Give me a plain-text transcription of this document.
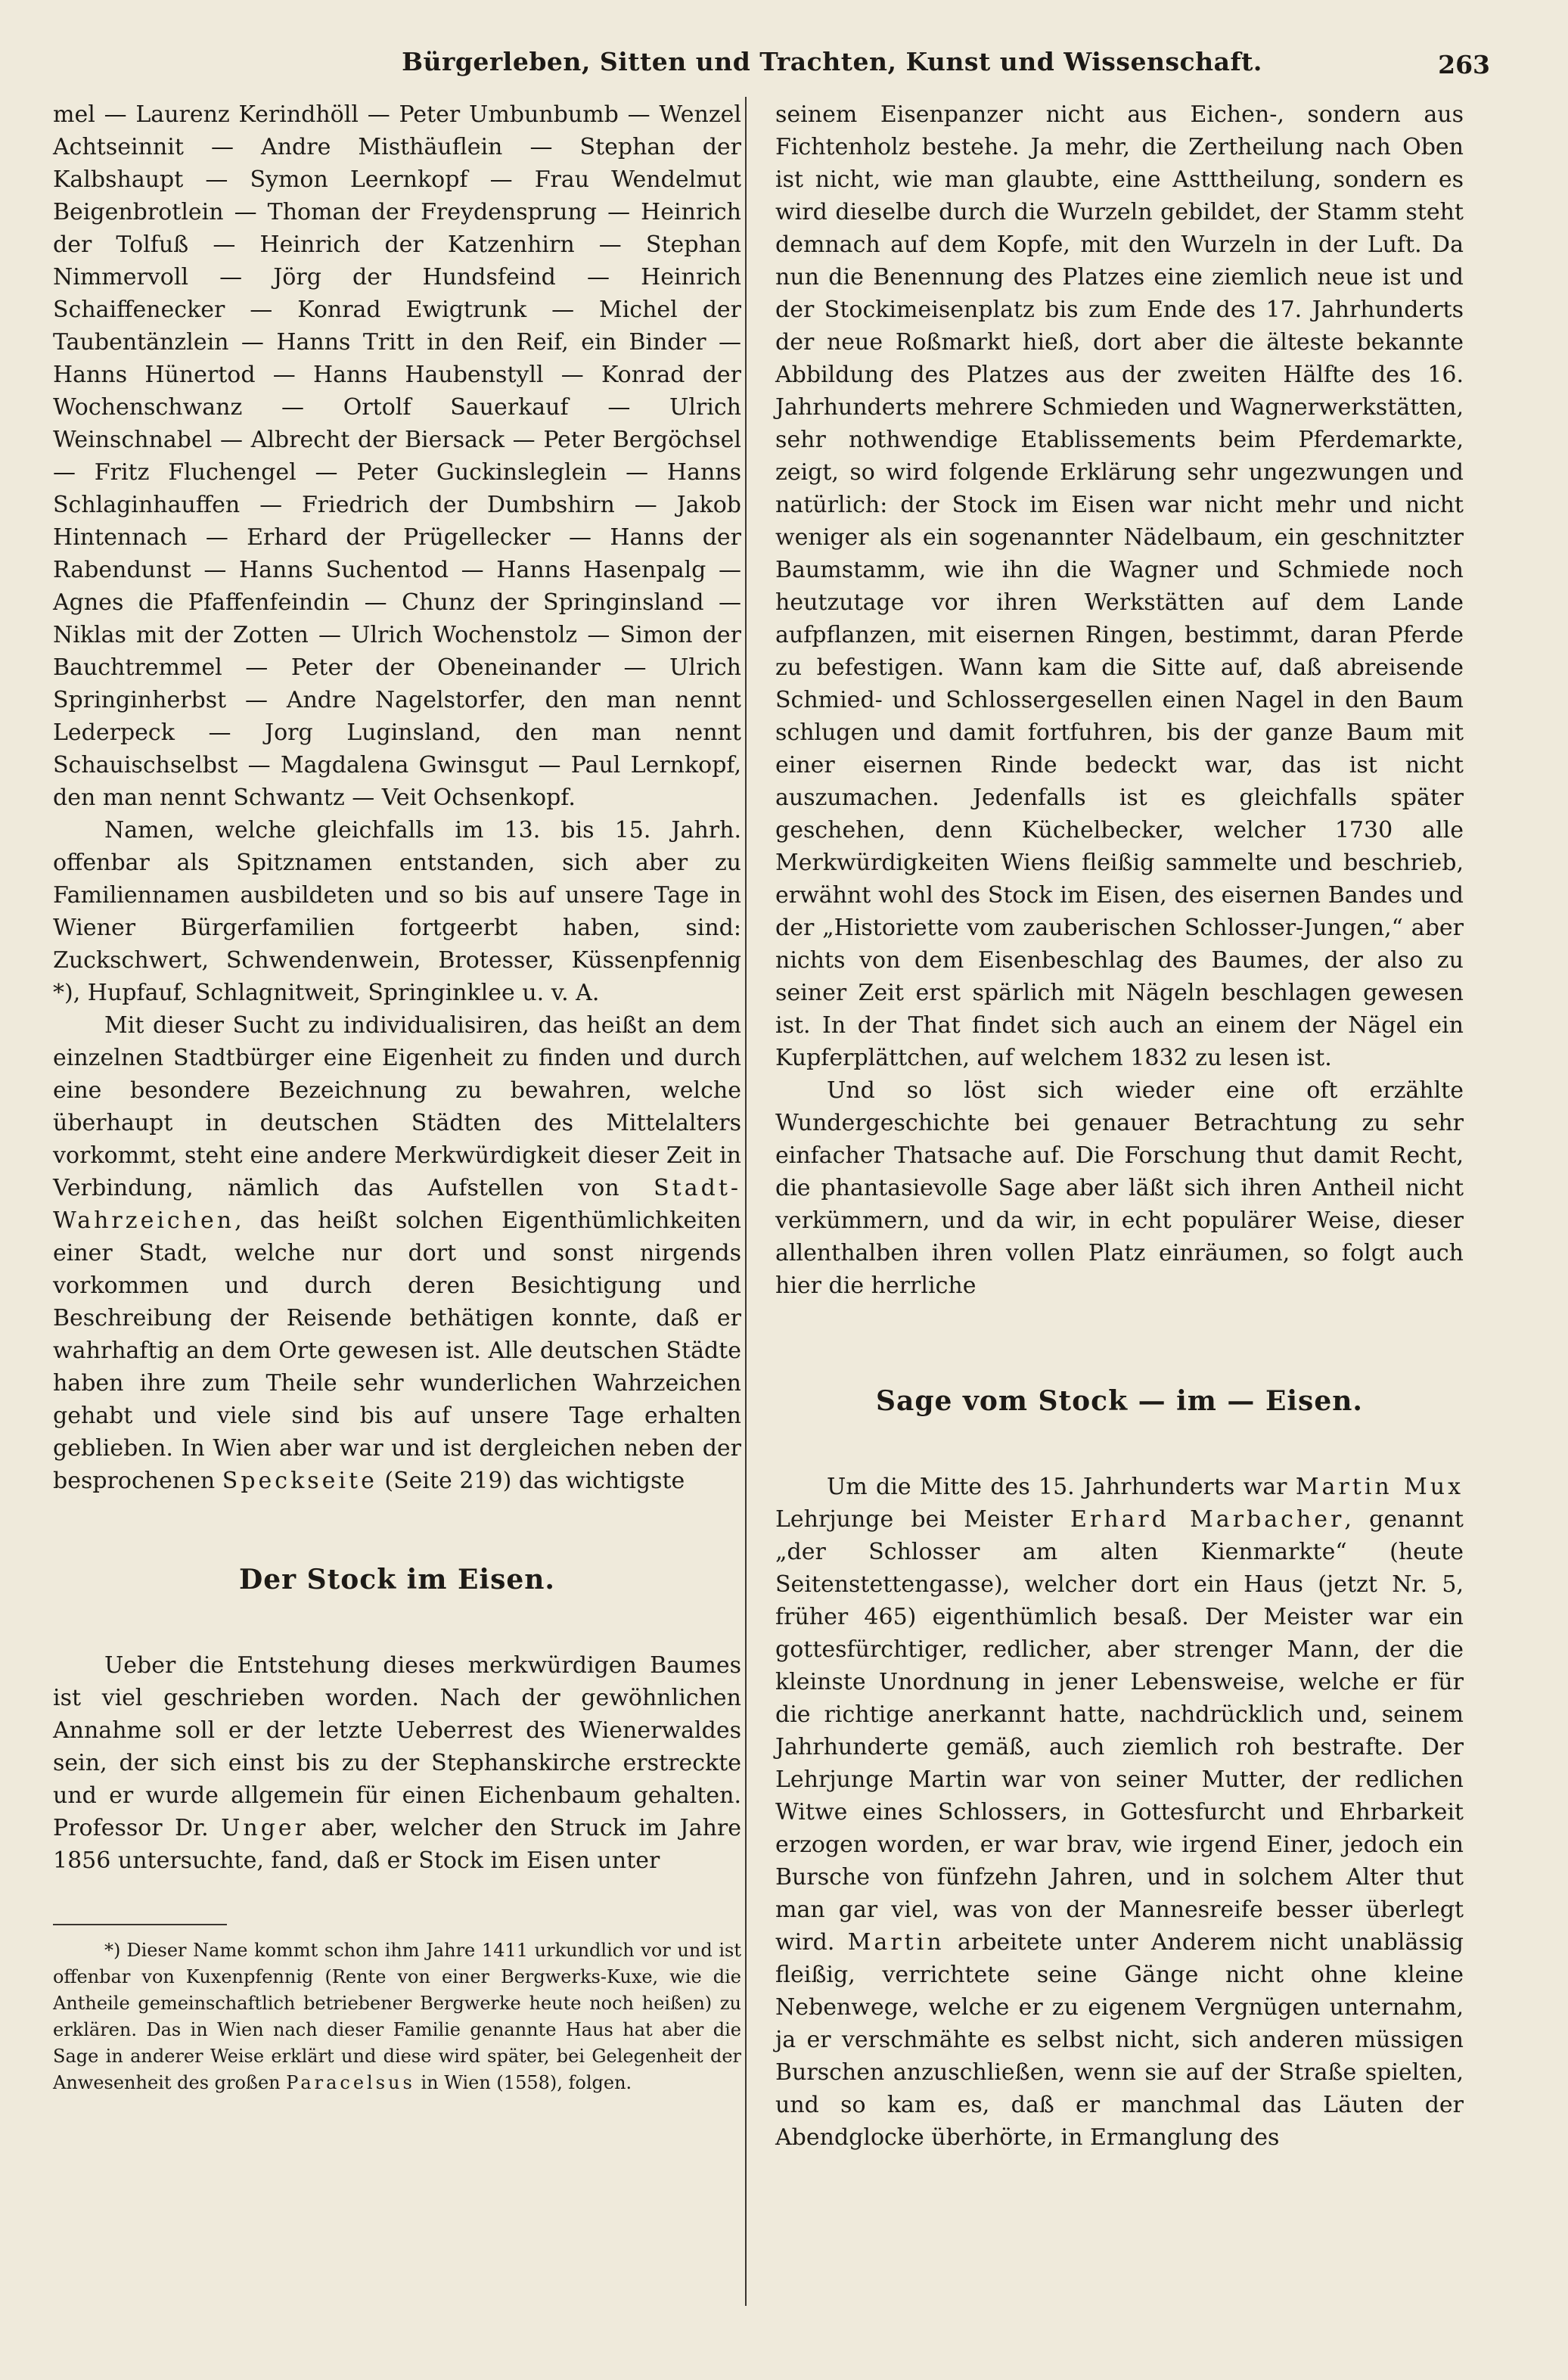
Bürgerleben, Sitten und Trachten, Kunst und Wissenschaft.	263

mel — Laurenz Kerindhöll — Peter Umbunbumb — Wenzel Achtseinnit — Andre Misthäuflein — Stephan der Kalbshaupt — Symon Leernkopf — Frau Wendelmut Beigenbrotlein — Thoman der Freydensprung — Heinrich der Tolfuß — Heinrich der Katzenhirn — Stephan Nimmervoll — Jörg der Hundsfeind — Heinrich Schaiffenecker — Konrad Ewigtrunk — Michel der Taubentänzlein — Hanns Tritt in den Reif, ein Binder — Hanns Hünertod — Hanns Haubenstyll — Konrad der Wochenschwanz — Ortolf Sauerkauf — Ulrich Weinschnabel — Albrecht der Biersack — Peter Bergöchsel — Fritz Fluchengel — Peter Guckinsleglein — Hanns Schlaginhauffen — Friedrich der Dumbshirn — Jakob Hintennach — Erhard der Prügellecker — Hanns der Rabendunst — Hanns Suchentod — Hanns Hasenpalg — Agnes die Pfaffenfeindin — Chunz der Springinsland — Niklas mit der Zotten — Ulrich Wochenstolz — Simon der Bauchtremmel — Peter der Obeneinander — Ulrich Springinherbst — Andre Nagelstorfer, den man nennt Lederpeck — Jorg Luginsland, den man nennt Schauischselbst — Magdalena Gwinsgut — Paul Lernkopf, den man nennt Schwantz — Veit Ochsenkopf.

Namen, welche gleichfalls im 13. bis 15. Jahrh. offenbar als Spitznamen entstanden, sich aber zu Familiennamen ausbildeten und so bis auf unsere Tage in Wiener Bürgerfamilien fortgeerbt haben, sind: Zuckschwert, Schwendenwein, Brotesser, Küssenpfennig *), Hupfauf, Schlagnitweit, Springinklee u. v. A.

Mit dieser Sucht zu individualisiren, das heißt an dem einzelnen Stadtbürger eine Eigenheit zu finden und durch eine besondere Bezeichnung zu bewahren, welche überhaupt in deutschen Städten des Mittelalters vorkommt, steht eine andere Merkwürdigkeit dieser Zeit in Verbindung, nämlich das Aufstellen von Stadt-Wahrzeichen, das heißt solchen Eigenthümlichkeiten einer Stadt, welche nur dort und sonst nirgends vorkommen und durch deren Besichtigung und Beschreibung der Reisende bethätigen konnte, daß er wahrhaftig an dem Orte gewesen ist. Alle deutschen Städte haben ihre zum Theile sehr wunderlichen Wahrzeichen gehabt und viele sind bis auf unsere Tage erhalten geblieben. In Wien aber war und ist dergleichen neben der besprochenen Speckseite (Seite 219) das wichtigste

Der Stock im Eisen.

Ueber die Entstehung dieses merkwürdigen Baumes ist viel geschrieben worden. Nach der gewöhnlichen Annahme soll er der letzte Ueberrest des Wienerwaldes sein, der sich einst bis zu der Stephanskirche erstreckte und er wurde allgemein für einen Eichenbaum gehalten. Professor Dr. Unger aber, welcher den Struck im Jahre 1856 untersuchte, fand, daß er Stock im Eisen unter

*) Dieser Name kommt schon ihm Jahre 1411 urkundlich vor und ist offenbar von Kuxenpfennig (Rente von einer Bergwerks-Kuxe, wie die Antheile gemeinschaftlich betriebener Bergwerke heute noch heißen) zu erklären. Das in Wien nach dieser Familie genannte Haus hat aber die Sage in anderer Weise erklärt und diese wird später, bei Gelegenheit der Anwesenheit des großen Paracelsus in Wien (1558), folgen.

seinem Eisenpanzer nicht aus Eichen-, sondern aus Fichtenholz bestehe. Ja mehr, die Zertheilung nach Oben ist nicht, wie man glaubte, eine Astttheilung, sondern es wird dieselbe durch die Wurzeln gebildet, der Stamm steht demnach auf dem Kopfe, mit den Wurzeln in der Luft. Da nun die Benennung des Platzes eine ziemlich neue ist und der Stockimeisenplatz bis zum Ende des 17. Jahrhunderts der neue Roßmarkt hieß, dort aber die älteste bekannte Abbildung des Platzes aus der zweiten Hälfte des 16. Jahrhunderts mehrere Schmieden und Wagnerwerkstätten, sehr nothwendige Etablissements beim Pferdemarkte, zeigt, so wird folgende Erklärung sehr ungezwungen und natürlich: der Stock im Eisen war nicht mehr und nicht weniger als ein sogenannter Nädelbaum, ein geschnitzter Baumstamm, wie ihn die Wagner und Schmiede noch heutzutage vor ihren Werkstätten auf dem Lande aufpflanzen, mit eisernen Ringen, bestimmt, daran Pferde zu befestigen. Wann kam die Sitte auf, daß abreisende Schmied- und Schlossergesellen einen Nagel in den Baum schlugen und damit fortfuhren, bis der ganze Baum mit einer eisernen Rinde bedeckt war, das ist nicht auszumachen. Jedenfalls ist es gleichfalls später geschehen, denn Küchelbecker, welcher 1730 alle Merkwürdigkeiten Wiens fleißig sammelte und beschrieb, erwähnt wohl des Stock im Eisen, des eisernen Bandes und der „Historiette vom zauberischen Schlosser-Jungen,“ aber nichts von dem Eisenbeschlag des Baumes, der also zu seiner Zeit erst spärlich mit Nägeln beschlagen gewesen ist. In der That findet sich auch an einem der Nägel ein Kupferplättchen, auf welchem 1832 zu lesen ist.

Und so löst sich wieder eine oft erzählte Wundergeschichte bei genauer Betrachtung zu sehr einfacher Thatsache auf. Die Forschung thut damit Recht, die phantasievolle Sage aber läßt sich ihren Antheil nicht verkümmern, und da wir, in echt populärer Weise, dieser allenthalben ihren vollen Platz einräumen, so folgt auch hier die herrliche

Sage vom Stock — im — Eisen.

Um die Mitte des 15. Jahrhunderts war Martin Mux Lehrjunge bei Meister Erhard Marbacher, genannt „der Schlosser am alten Kienmarkte“ (heute Seitenstettengasse), welcher dort ein Haus (jetzt Nr. 5, früher 465) eigenthümlich besaß. Der Meister war ein gottesfürchtiger, redlicher, aber strenger Mann, der die kleinste Unordnung in jener Lebensweise, welche er für die richtige anerkannt hatte, nachdrücklich und, seinem Jahrhunderte gemäß, auch ziemlich roh bestrafte. Der Lehrjunge Martin war von seiner Mutter, der redlichen Witwe eines Schlossers, in Gottesfurcht und Ehrbarkeit erzogen worden, er war brav, wie irgend Einer, jedoch ein Bursche von fünfzehn Jahren, und in solchem Alter thut man gar viel, was von der Mannesreife besser überlegt wird. Martin arbeitete unter Anderem nicht unablässig fleißig, verrichtete seine Gänge nicht ohne kleine Nebenwege, welche er zu eigenem Vergnügen unternahm, ja er verschmähte es selbst nicht, sich anderen müssigen Burschen anzuschließen, wenn sie auf der Straße spielten, und so kam es, daß er manchmal das Läuten der Abendglocke überhörte, in Ermanglung des
